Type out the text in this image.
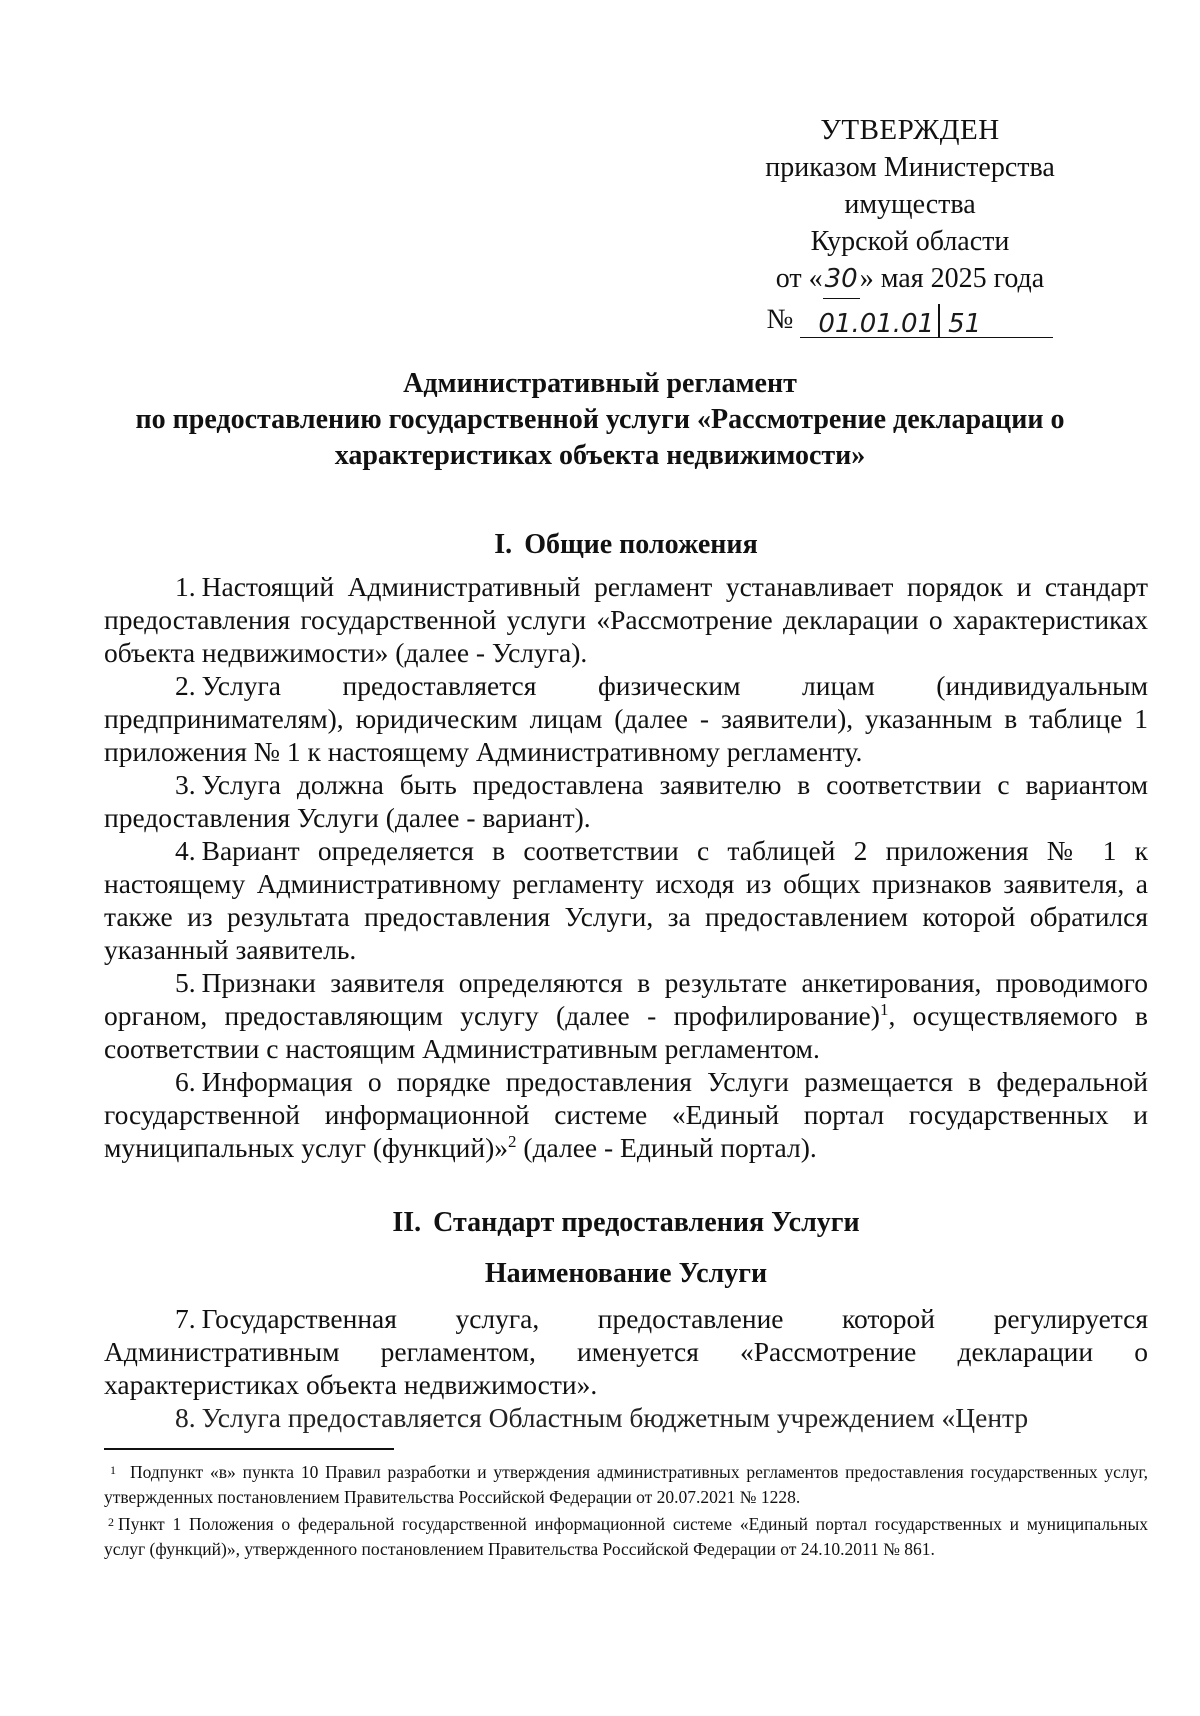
УТВЕРЖДЕН
приказом Министерства имущества
Курской области
от «30» мая 2025 года
№ 01.01.01 51
Административный регламент
по предоставлению государственной услуги «Рассмотрение декларации о
характеристиках объекта недвижимости»
I. Общие положения

1. Настоящий Административный регламент устанавливает порядок и стандарт предоставления государственной услуги «Рассмотрение декларации о характеристиках объекта недвижимости» (далее - Услуга).

2. Услуга предоставляется физическим лицам (индивидуальным предпринимателям), юридическим лицам (далее - заявители), указанным в таблице 1 приложения № 1 к настоящему Административному регламенту.

3. Услуга должна быть предоставлена заявителю в соответствии с вариантом предоставления Услуги (далее - вариант).

4. Вариант определяется в соответствии с таблицей 2 приложения № 1 к настоящему Административному регламенту исходя из общих признаков заявителя, а также из результата предоставления Услуги, за предоставлением которой обратился указанный заявитель.

5. Признаки заявителя определяются в результате анкетирования, проводимого органом, предоставляющим услугу (далее - профилирование)$^1$, осуществляемого в соответствии с настоящим Административным регламентом.

6. Информация о порядке предоставления Услуги размещается в федеральной государственной информационной системе «Единый портал государственных и муниципальных услуг (функций)»$^2$ (далее - Единый портал).

II. Стандарт предоставления Услуги
Наименование Услуги

7. Государственная услуга, предоставление которой регулируется Административным регламентом, именуется «Рассмотрение декларации о характеристиках объекта недвижимости».

8. Услуга предоставляется Областным бюджетным учреждением «Центр

$^1$ Подпункт «в» пункта 10 Правил разработки и утверждения административных регламентов предоставления государственных услуг, утвержденных постановлением Правительства Российской Федерации от 20.07.2021 № 1228.

$^2$ Пункт 1 Положения о федеральной государственной информационной системе «Единый портал государственных и муниципальных услуг (функций)», утвержденного постановлением Правительства Российской Федерации от 24.10.2011 № 861.
